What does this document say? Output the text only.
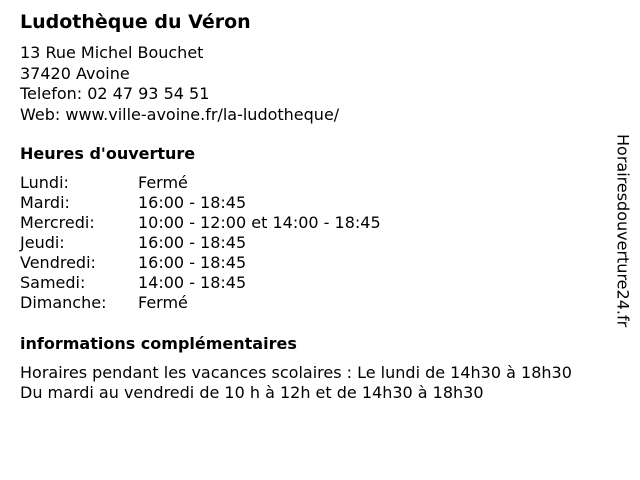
Ludothèque du Véron
13 Rue Michel Bouchet
37420 Avoine
Telefon: 02 47 93 54 51
Web: www.ville-avoine.fr/la-ludotheque/
Heures d'ouverture
Lundi:	Fermé
Mardi:	16:00 - 18:45
Mercredi:	10:00 - 12:00 et 14:00 - 18:45
Jeudi:	16:00 - 18:45
Vendredi:	16:00 - 18:45
Samedi:	14:00 - 18:45
Dimanche: Fermé
informations complémentaires
Horaires pendant les vacances scolaires : Le lundi de 14h30 à 18h30
Du mardi au vendredi de 10 h à 12h et de 14h30 à 18h30
Horairesdouverture24.fr
